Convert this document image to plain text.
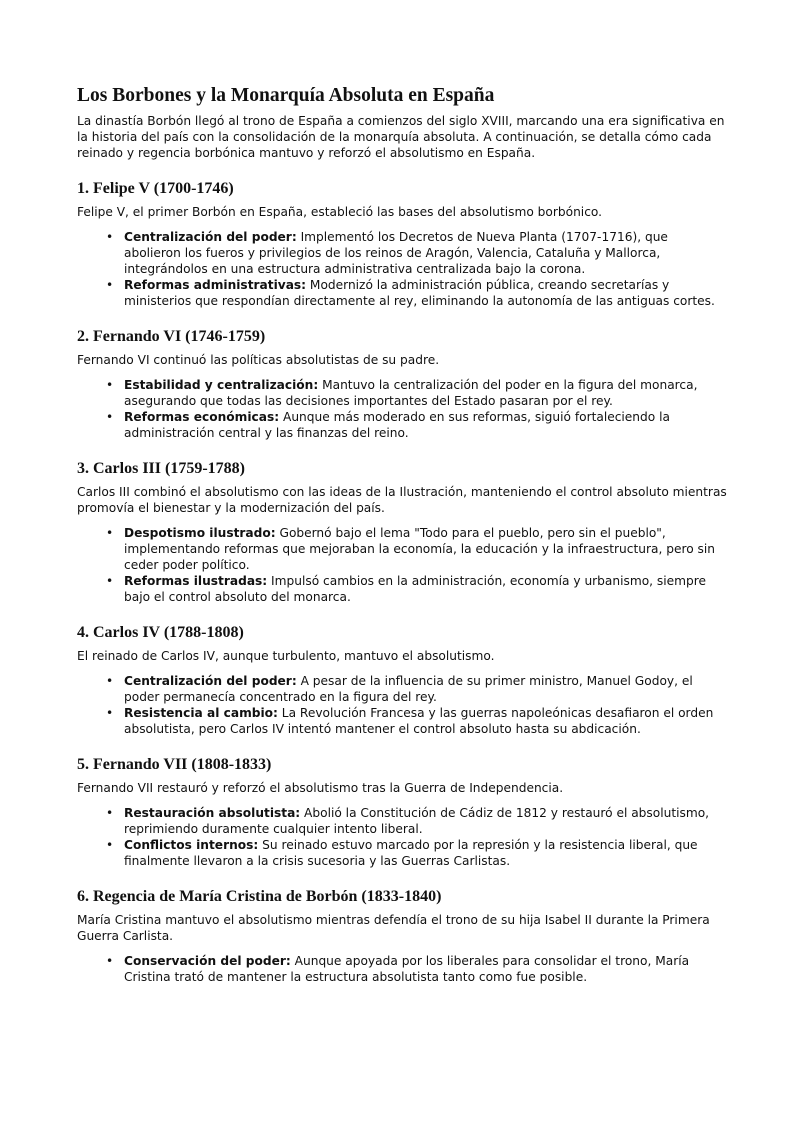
Los Borbones y la Monarquía Absoluta en España

La dinastía Borbón llegó al trono de España a comienzos del siglo XVIII, marcando una era significativa en la historia del país con la consolidación de la monarquía absoluta. A continuación, se detalla cómo cada reinado y regencia borbónica mantuvo y reforzó el absolutismo en España.

1. Felipe V (1700-1746)

Felipe V, el primer Borbón en España, estableció las bases del absolutismo borbónico.

• Centralización del poder: Implementó los Decretos de Nueva Planta (1707-1716), que abolieron los fueros y privilegios de los reinos de Aragón, Valencia, Cataluña y Mallorca, integrándolos en una estructura administrativa centralizada bajo la corona.
• Reformas administrativas: Modernizó la administración pública, creando secretarías y ministerios que respondían directamente al rey, eliminando la autonomía de las antiguas cortes.
2. Fernando VI (1746-1759)

Fernando VI continuó las políticas absolutistas de su padre.

• Estabilidad y centralización: Mantuvo la centralización del poder en la figura del monarca, asegurando que todas las decisiones importantes del Estado pasaran por el rey.
• Reformas económicas: Aunque más moderado en sus reformas, siguió fortaleciendo la administración central y las finanzas del reino.
3. Carlos III (1759-1788)

Carlos III combinó el absolutismo con las ideas de la Ilustración, manteniendo el control absoluto mientras promovía el bienestar y la modernización del país.

• Despotismo ilustrado: Gobernó bajo el lema "Todo para el pueblo, pero sin el pueblo", implementando reformas que mejoraban la economía, la educación y la infraestructura, pero sin ceder poder político.
• Reformas ilustradas: Impulsó cambios en la administración, economía y urbanismo, siempre bajo el control absoluto del monarca.
4. Carlos IV (1788-1808)

El reinado de Carlos IV, aunque turbulento, mantuvo el absolutismo.

• Centralización del poder: A pesar de la influencia de su primer ministro, Manuel Godoy, el poder permanecía concentrado en la figura del rey.
• Resistencia al cambio: La Revolución Francesa y las guerras napoleónicas desafiaron el orden absolutista, pero Carlos IV intentó mantener el control absoluto hasta su abdicación.
5. Fernando VII (1808-1833)

Fernando VII restauró y reforzó el absolutismo tras la Guerra de Independencia.

• Restauración absolutista: Abolió la Constitución de Cádiz de 1812 y restauró el absolutismo, reprimiendo duramente cualquier intento liberal.
• Conflictos internos: Su reinado estuvo marcado por la represión y la resistencia liberal, que finalmente llevaron a la crisis sucesoria y las Guerras Carlistas.
6. Regencia de María Cristina de Borbón (1833-1840)

María Cristina mantuvo el absolutismo mientras defendía el trono de su hija Isabel II durante la Primera Guerra Carlista.

• Conservación del poder: Aunque apoyada por los liberales para consolidar el trono, María Cristina trató de mantener la estructura absolutista tanto como fue posible.
